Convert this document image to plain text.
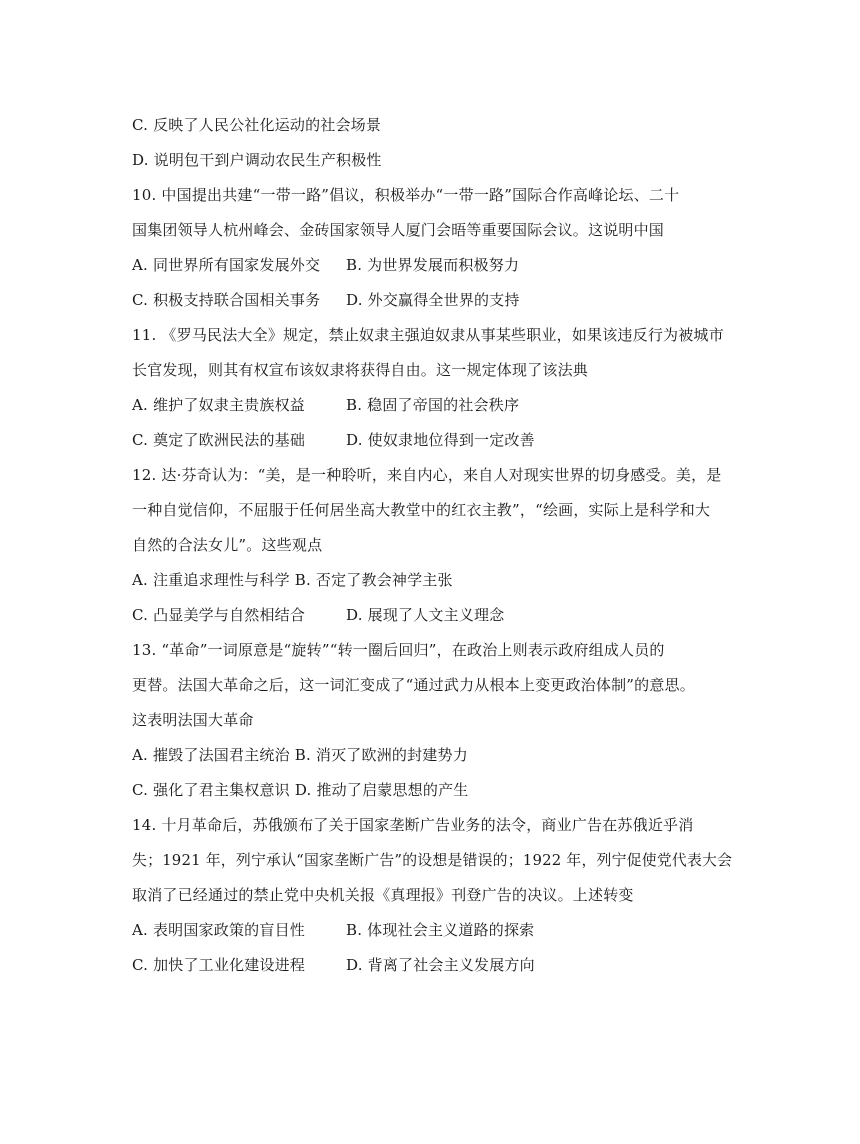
C. 反映了人民公社化运动的社会场景
D. 说明包干到户调动农民生产积极性
10. 中国提出共建“一带一路”倡议，积极举办“一带一路”国际合作高峰论坛、二十
国集团领导人杭州峰会、金砖国家领导人厦门会晤等重要国际会议。这说明中国
A. 同世界所有国家发展外交 B. 为世界发展而积极努力
C. 积极支持联合国相关事务 D. 外交赢得全世界的支持
11. 《罗马民法大全》规定，禁止奴隶主强迫奴隶从事某些职业，如果该违反行为被城市
长官发现，则其有权宣布该奴隶将获得自由。这一规定体现了该法典
A. 维护了奴隶主贵族权益	B. 稳固了帝国的社会秩序
C. 奠定了欧洲民法的基础	D. 使奴隶地位得到一定改善
12. 达·芬奇认为：“美，是一种聆听，来自内心，来自人对现实世界的切身感受。美，是
一种自觉信仰，不屈服于任何居坐高大教堂中的红衣主教”，“绘画，实际上是科学和大
自然的合法女儿”。这些观点
A. 注重追求理性与科学 B. 否定了教会神学主张
C. 凸显美学与自然相结合	D. 展现了人文主义理念
13. “革命”一词原意是“旋转”“转一圈后回归”，在政治上则表示政府组成人员的
更替。法国大革命之后，这一词汇变成了“通过武力从根本上变更政治体制”的意思。
这表明法国大革命
A. 摧毁了法国君主统治 B. 消灭了欧洲的封建势力
C. 强化了君主集权意识 D. 推动了启蒙思想的产生
14. 十月革命后，苏俄颁布了关于国家垄断广告业务的法令，商业广告在苏俄近乎消
失；1921 年，列宁承认“国家垄断广告”的设想是错误的；1922 年，列宁促使党代表大会
取消了已经通过的禁止党中央机关报《真理报》刊登广告的决议。上述转变
A. 表明国家政策的盲目性	B. 体现社会主义道路的探索
C. 加快了工业化建设进程	D. 背离了社会主义发展方向
